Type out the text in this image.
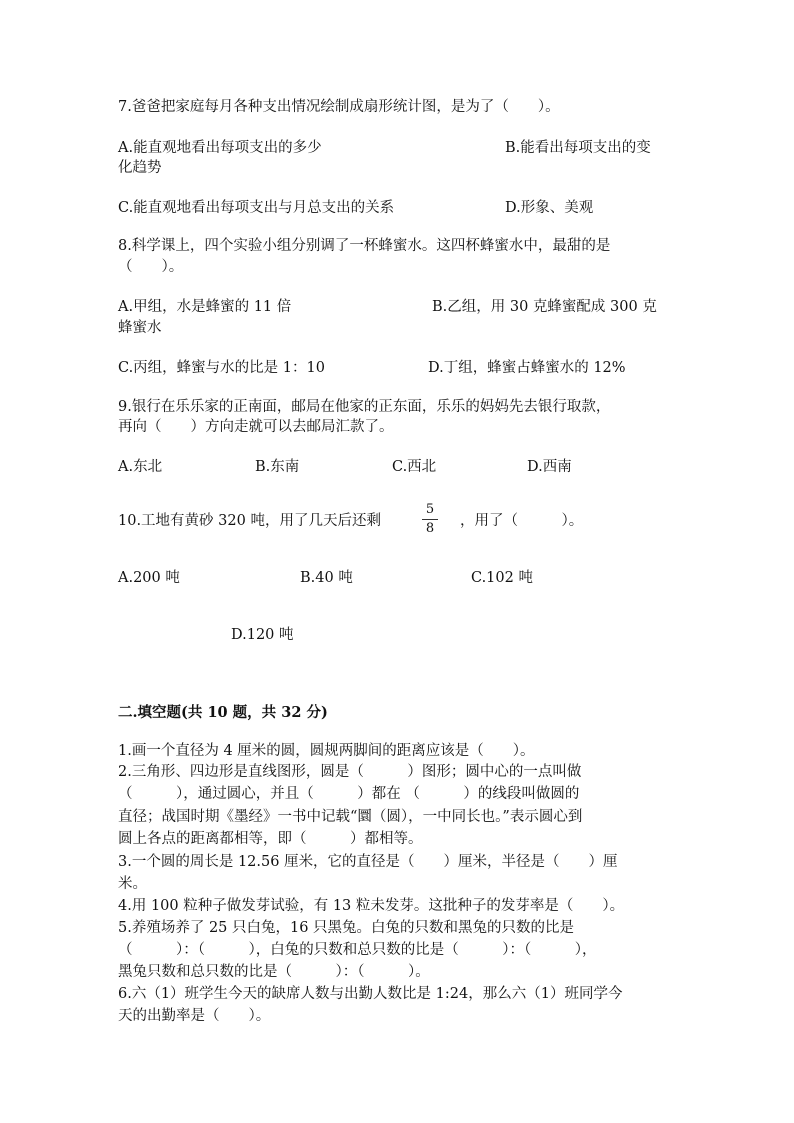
7.爸爸把家庭每月各种支出情况绘制成扇形统计图，是为了（　　）。
A.能直观地看出每项支出的多少	B.能看出每项支出的变
化趋势
C.能直观地看出每项支出与月总支出的关系	D.形象、美观
8.科学课上，四个实验小组分别调了一杯蜂蜜水。这四杯蜂蜜水中，最甜的是
（　　）。
A.甲组，水是蜂蜜的 11 倍	B.乙组，用 30 克蜂蜜配成 300 克
蜂蜜水
C.丙组，蜂蜜与水的比是 1：10	D.丁组，蜂蜜占蜂蜜水的 12%
9.银行在乐乐家的正南面，邮局在他家的正东面，乐乐的妈妈先去银行取款，
再向（　　）方向走就可以去邮局汇款了。
A.东北	B.东南	C.西北	D.西南
10.工地有黄砂 320 吨，用了几天后还剩
5
8	，用了（　　　）。
A.200 吨	B.40 吨	C.102 吨
D.120 吨
二.填空题(共 10 题，共 32 分)
1.画一个直径为 4 厘米的圆，圆规两脚间的距离应该是（　　）。
2.三角形、四边形是直线图形，圆是（　　　）图形；圆中心的一点叫做
（　　　），通过圆心，并且（　　　）都在 （　　　）的线段叫做圆的
直径；战国时期《墨经》一书中记载“圜（圆），一中同长也。”表示圆心到
圆上各点的距离都相等，即（　　　）都相等。
3.一个圆的周长是 12.56 厘米，它的直径是（　　）厘米，半径是（　　）厘
米。
4.用 100 粒种子做发芽试验，有 13 粒未发芽。这批种子的发芽率是（　　）。
5.养殖场养了 25 只白兔，16 只黑兔。白兔的只数和黑兔的只数的比是
（　　　）：（　　　），白兔的只数和总只数的比是（　　　）：（　　　），
黑兔只数和总只数的比是（　　　）：（　　　）。
6.六（1）班学生今天的缺席人数与出勤人数比是 1:24，那么六（1）班同学今
天的出勤率是（　　）。
